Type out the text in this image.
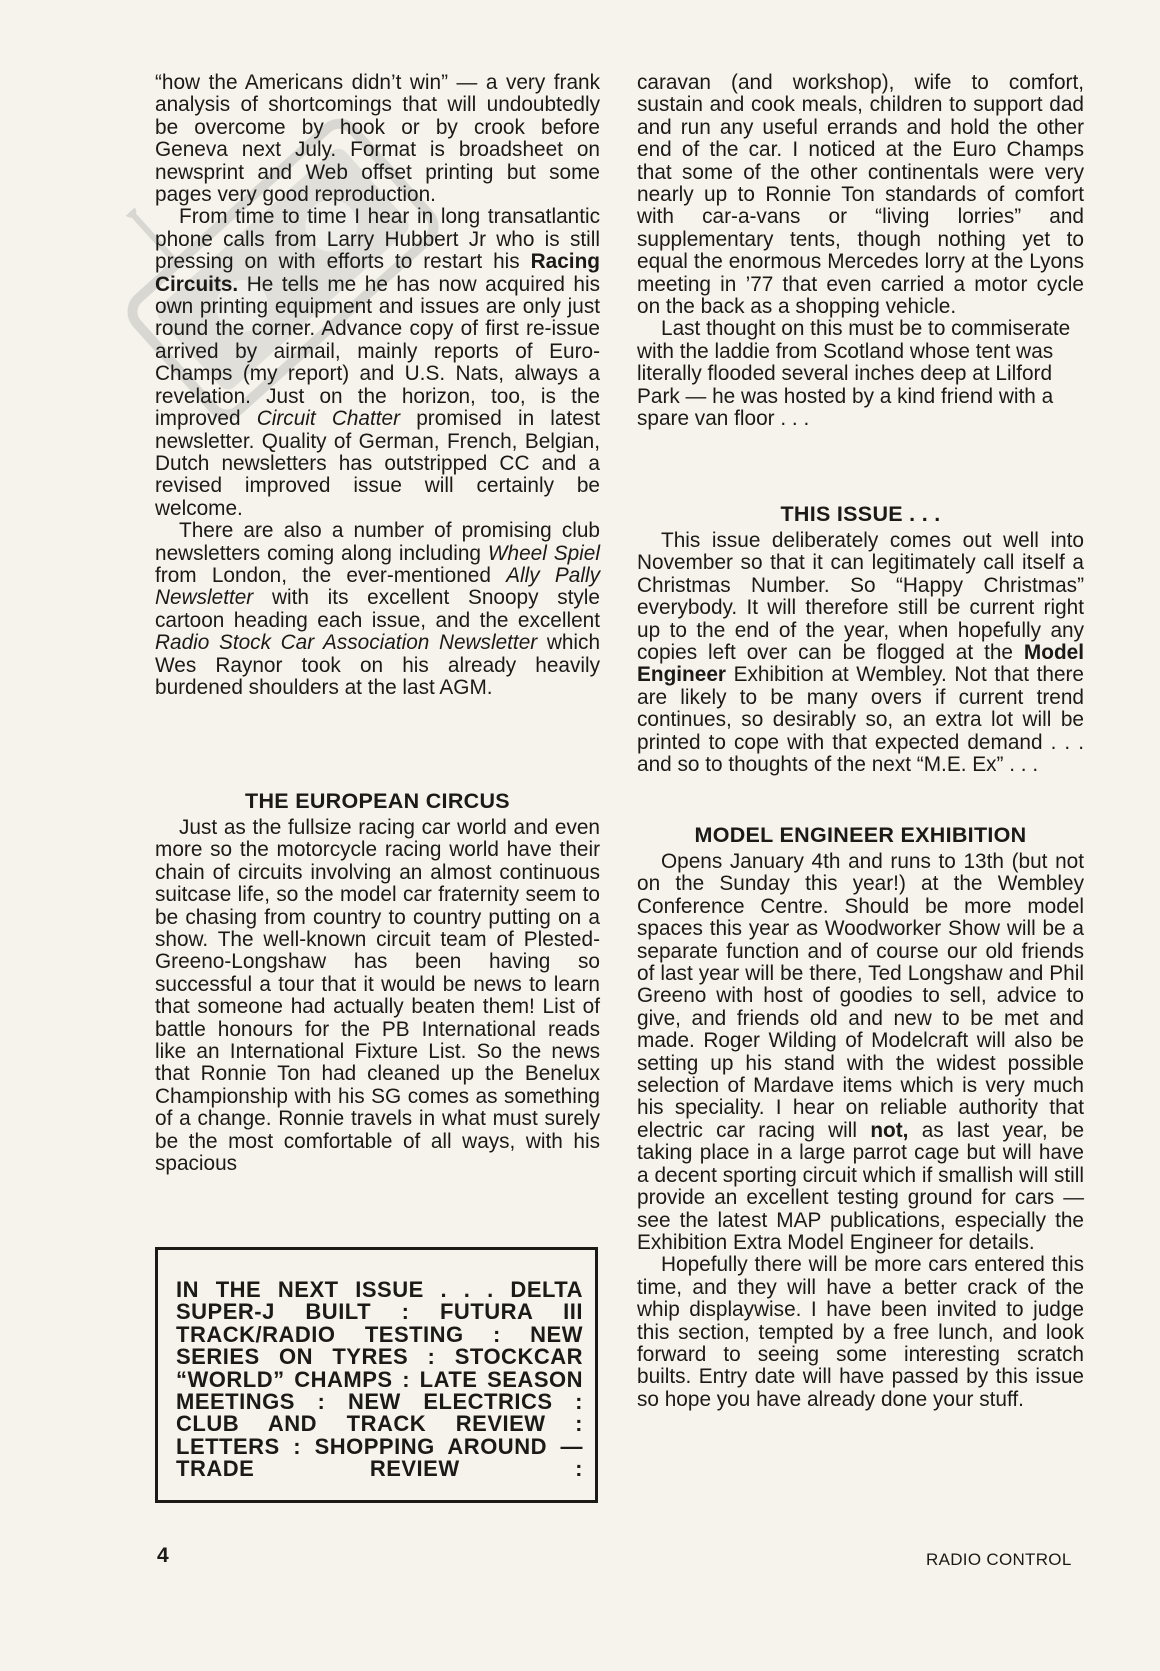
“how the Americans didn’t win” — a very frank analysis of shortcomings that will undoubtedly be overcome by hook or by crook before Geneva next July. Format is broadsheet on newsprint and Web offset printing but some pages very good reproduction.

From time to time I hear in long transatlantic phone calls from Larry Hubbert Jr who is still pressing on with efforts to restart his Racing Circuits. He tells me he has now acquired his own printing equipment and issues are only just round the corner. Advance copy of first re-issue arrived by airmail, mainly reports of Euro-Champs (my report) and U.S. Nats, always a revelation. Just on the horizon, too, is the improved Circuit Chatter promised in latest newsletter. Quality of German, French, Belgian, Dutch newsletters has outstripped CC and a revised improved issue will certainly be welcome.

There are also a number of promising club newsletters coming along including Wheel Spiel from London, the ever-mentioned Ally Pally Newsletter with its excellent Snoopy style cartoon heading each issue, and the excellent Radio Stock Car Association Newsletter which Wes Raynor took on his already heavily burdened shoulders at the last AGM.

THE EUROPEAN CIRCUS

Just as the fullsize racing car world and even more so the motorcycle racing world have their chain of circuits involving an almost continuous suitcase life, so the model car fraternity seem to be chasing from country to country putting on a show. The well-known circuit team of Plested-Greeno-Longshaw has been having so successful a tour that it would be news to learn that someone had actually beaten them! List of battle honours for the PB International reads like an International Fixture List. So the news that Ronnie Ton had cleaned up the Benelux Championship with his SG comes as something of a change. Ronnie travels in what must surely be the most comfortable of all ways, with his spacious

IN THE NEXT ISSUE . . . DELTA SUPER-J BUILT : FUTURA III TRACK/RADIO TESTING : NEW SERIES ON TYRES : STOCKCAR “WORLD” CHAMPS : LATE SEASON MEETINGS : NEW ELECTRICS : CLUB AND TRACK REVIEW : LETTERS : SHOPPING AROUND — TRADE REVIEW :

caravan (and workshop), wife to comfort, sustain and cook meals, children to support dad and run any useful errands and hold the other end of the car. I noticed at the Euro Champs that some of the other continentals were very nearly up to Ronnie Ton standards of comfort with car-a-vans or “living lorries” and supplementary tents, though nothing yet to equal the enormous Mercedes lorry at the Lyons meeting in ’77 that even carried a motor cycle on the back as a shopping vehicle.

Last thought on this must be to commiserate with the laddie from Scotland whose tent was literally flooded several inches deep at Lilford Park — he was hosted by a kind friend with a spare van floor . . .

THIS ISSUE . . .

This issue deliberately comes out well into November so that it can legitimately call itself a Christmas Number. So “Happy Christmas” everybody. It will therefore still be current right up to the end of the year, when hopefully any copies left over can be flogged at the Model Engineer Exhibition at Wembley. Not that there are likely to be many overs if current trend continues, so desirably so, an extra lot will be printed to cope with that expected demand . . . and so to thoughts of the next “M.E. Ex” . . .

MODEL ENGINEER EXHIBITION

Opens January 4th and runs to 13th (but not on the Sunday this year!) at the Wembley Conference Centre. Should be more model spaces this year as Woodworker Show will be a separate function and of course our old friends of last year will be there, Ted Longshaw and Phil Greeno with host of goodies to sell, advice to give, and friends old and new to be met and made. Roger Wilding of Modelcraft will also be setting up his stand with the widest possible selection of Mardave items which is very much his speciality. I hear on reliable authority that electric car racing will not, as last year, be taking place in a large parrot cage but will have a decent sporting circuit which if smallish will still provide an excellent testing ground for cars — see the latest MAP publications, especially the Exhibition Extra Model Engineer for details.

Hopefully there will be more cars entered this time, and they will have a better crack of the whip displaywise. I have been invited to judge this section, tempted by a free lunch, and look forward to seeing some interesting scratch builts. Entry date will have passed by this issue so hope you have already done your stuff.

4	RADIO CONTROL
